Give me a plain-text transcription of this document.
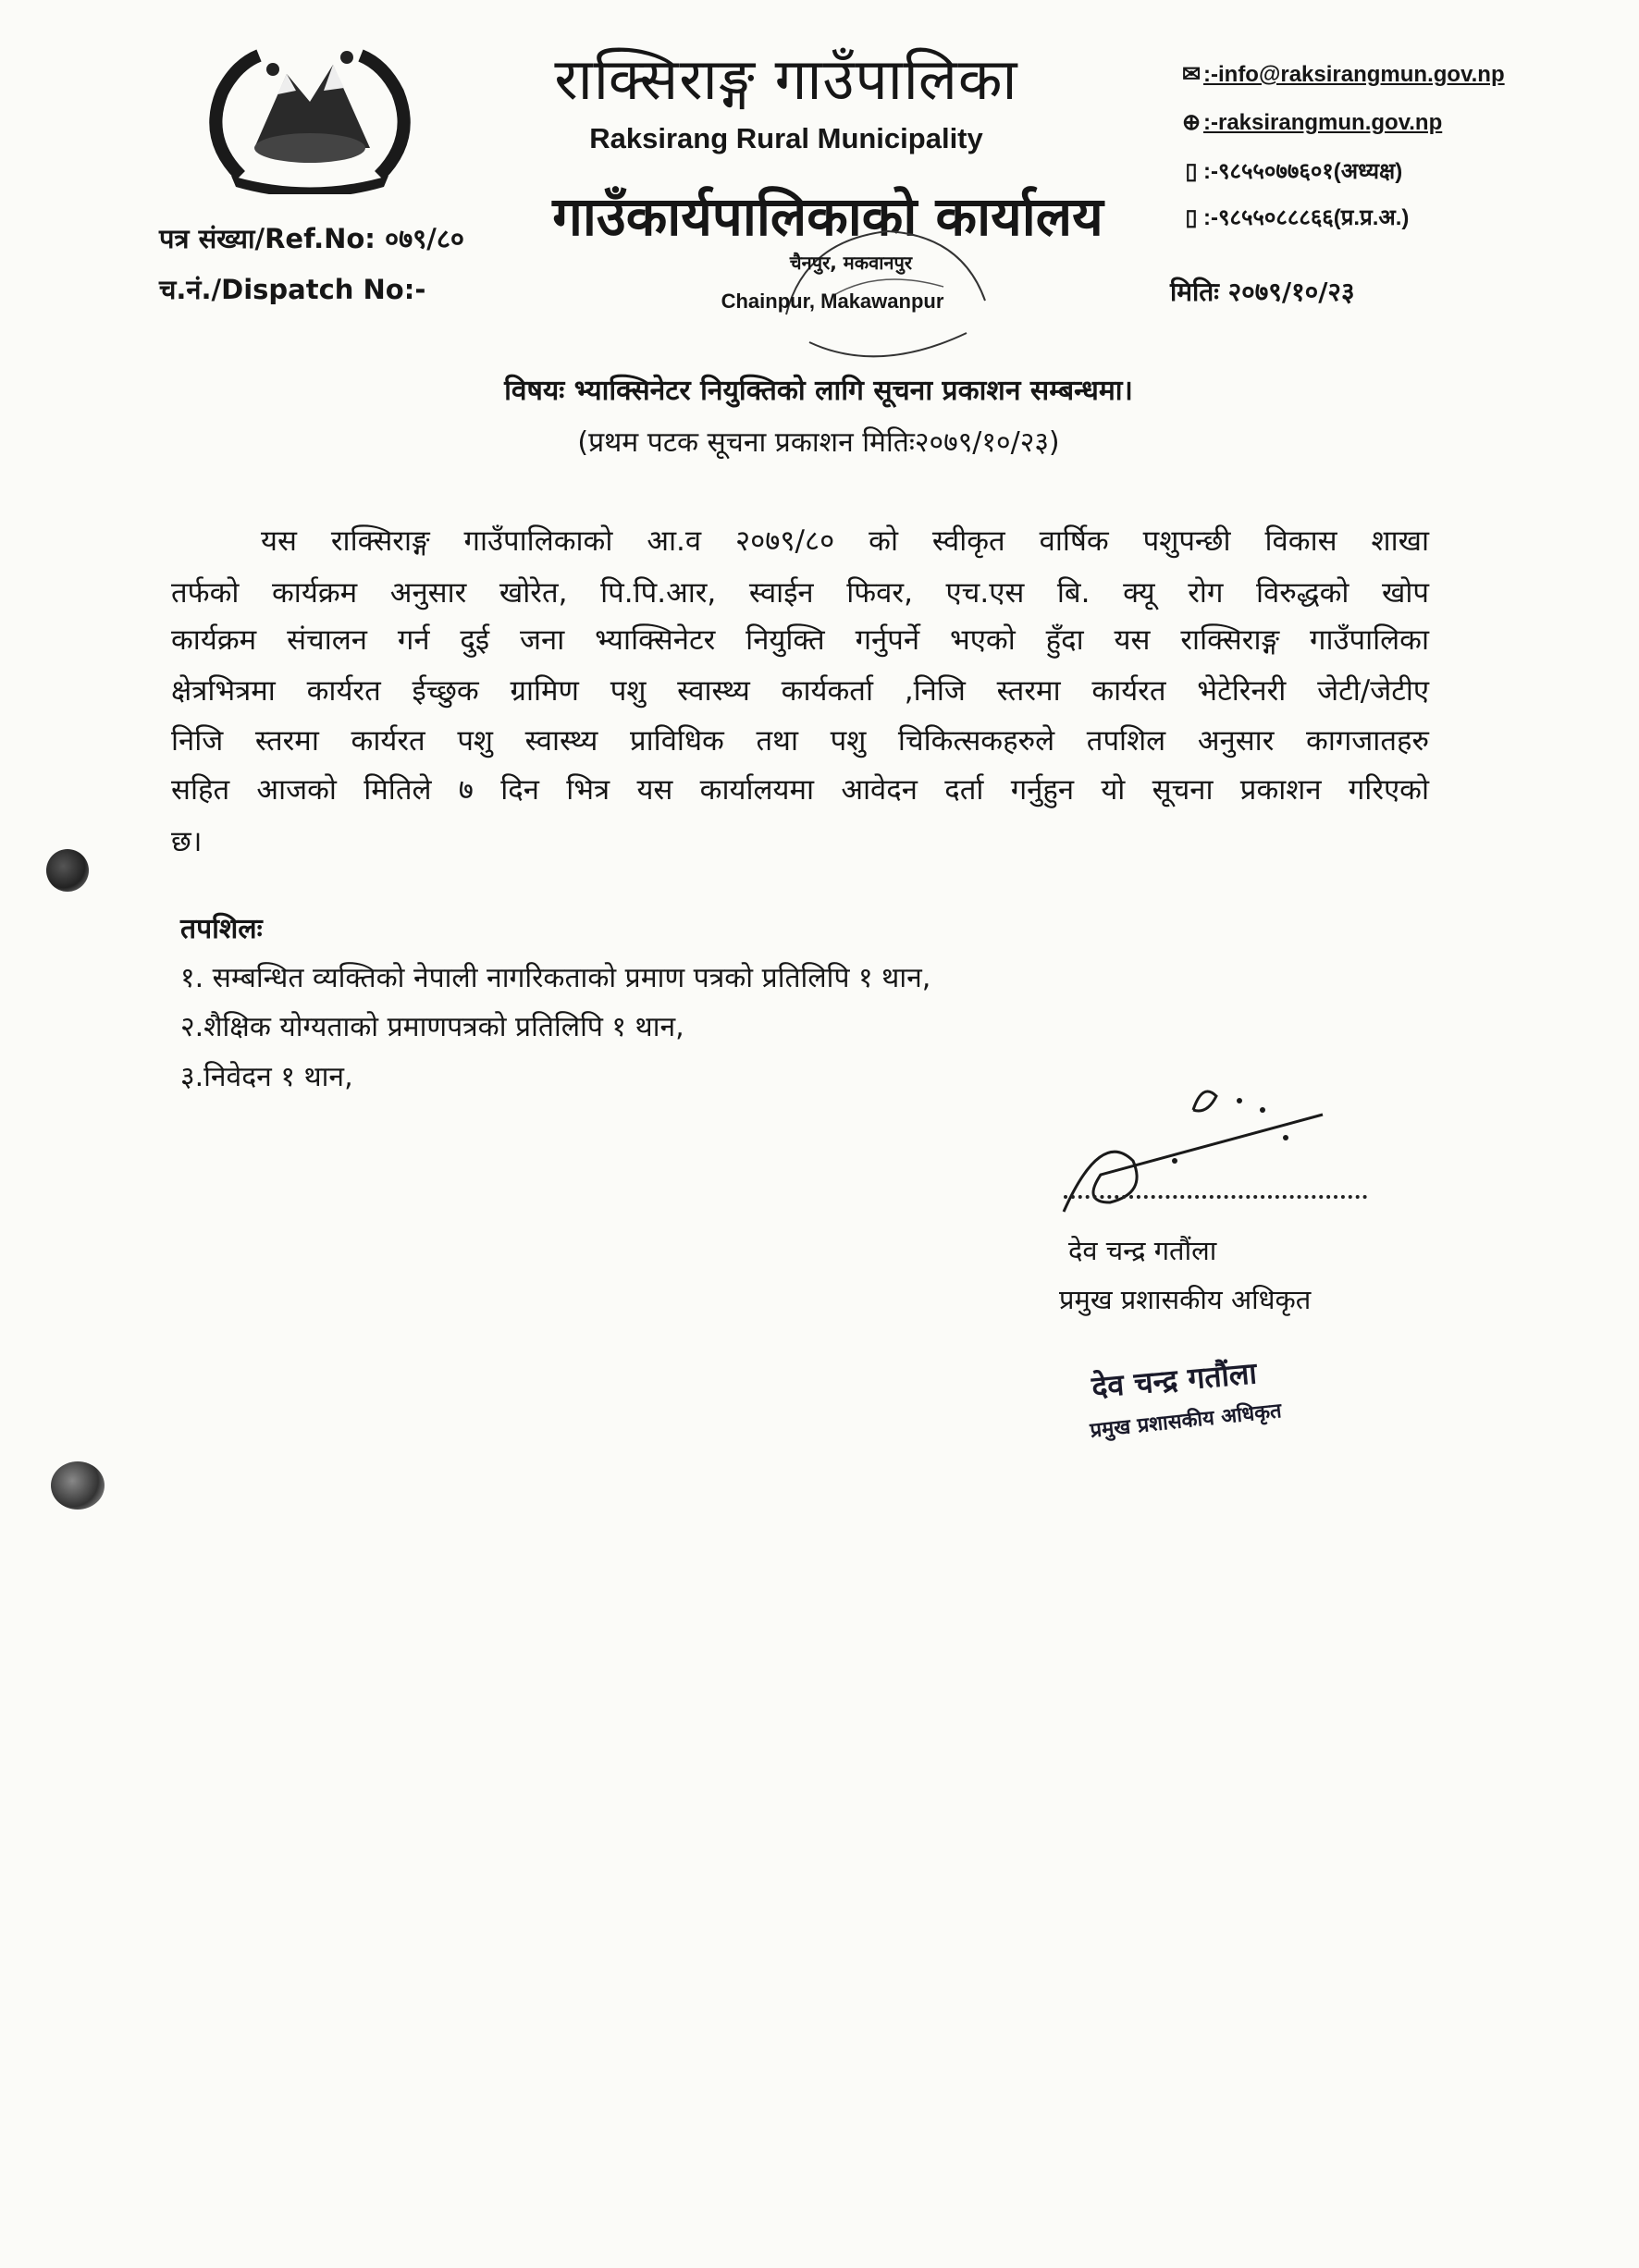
राक्सिराङ्ग गाउँपालिका
Raksirang Rural Municipality
गाउँकार्यपालिकाको कार्यालय
चैनपुर, मकवानपुर
Chainpur, Makawanpur
✉ :-info@raksirangmun.gov.np
⊕ :-raksirangmun.gov.np
▯ :-९८५५०७७६०१(अध्यक्ष)
▯ :-९८५५०८८८६६(प्र.प्र.अ.)
पत्र संख्या/Ref.No: ०७९/८०
च.नं./Dispatch No:-	मितिः २०७९/१०/२३
विषयः भ्याक्सिनेटर नियुक्तिको लागि सूचना प्रकाशन सम्बन्धमा।
(प्रथम पटक सूचना प्रकाशन मितिः२०७९/१०/२३)
यस राक्सिराङ्ग गाउँपालिकाको आ.व २०७९/८० को स्वीकृत वार्षिक पशुपन्छी विकास शाखा
तर्फको कार्यक्रम अनुसार खोरेत, पि.पि.आर, स्वाईन फिवर, एच.एस बि. क्यू रोग विरुद्धको खोप
कार्यक्रम संचालन गर्न दुई जना भ्याक्सिनेटर नियुक्ति गर्नुपर्ने भएको हुँदा यस राक्सिराङ्ग गाउँपालिका
क्षेत्रभित्रमा कार्यरत ईच्छुक ग्रामिण पशु स्वास्थ्य कार्यकर्ता ,निजि स्तरमा कार्यरत भेटेरिनरी जेटी/जेटीए
निजि स्तरमा कार्यरत पशु स्वास्थ्य प्राविधिक तथा पशु चिकित्सकहरुले तपशिल अनुसार कागजातहरु
सहित आजको मितिले ७ दिन भित्र यस कार्यालयमा आवेदन दर्ता गर्नुहुन यो सूचना प्रकाशन गरिएको
छ।
तपशिलः
१. सम्बन्धित व्यक्तिको नेपाली नागरिकताको प्रमाण पत्रको प्रतिलिपि १ थान,
२.शैक्षिक योग्यताको प्रमाणपत्रको प्रतिलिपि १ थान,
३.निवेदन १ थान,
देव चन्द्र गतौंला
प्रमुख प्रशासकीय अधिकृत
देव चन्द्र गतौंला
प्रमुख प्रशासकीय अधिकृत
